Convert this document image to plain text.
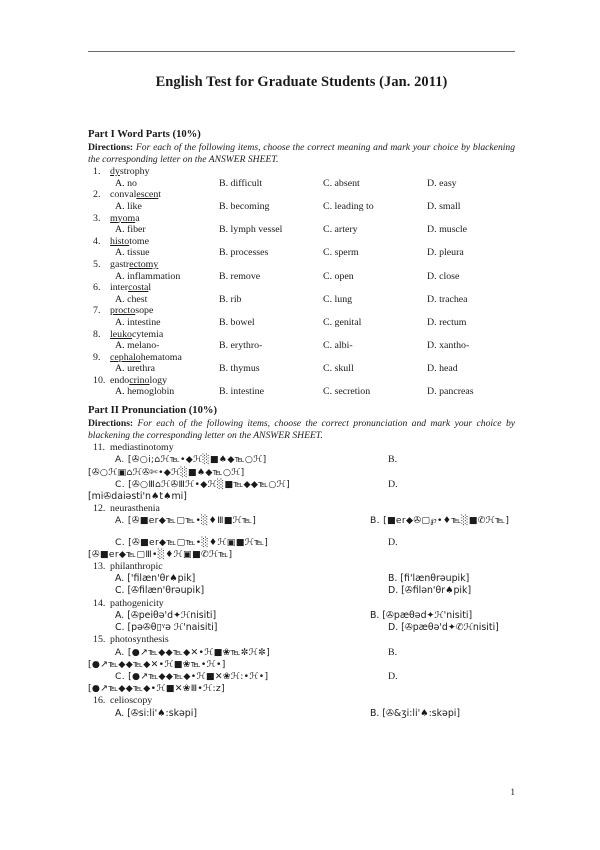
English Test for Graduate Students (Jan. 2011)
Part I Word Parts (10%)
Directions: For each of the following items, choose the correct meaning and mark your choice by blackening the corresponding letter on the ANSWER SHEET.
1. dystrophy
A. no	B. difficult	C. absent	D. easy
2. convalescent
A. like	B. becoming	C. leading to	D. small
3. myoma
A. fiber	B. lymph vessel	C. artery	D. muscle
4. histotome
A. tissue	B. processes	C. sperm	D. pleura
5. gastrectomy
A. inflammation	B. remove	C. open	D. close
6. intercostal
A. chest	B. rib	C. lung	D. trachea
7. proctosope
A. intestine	B. bowel	C. genital	D. rectum
8. leukocytemia
A. melano-	B. erythro-	C. albi-	D. xantho-
9. cephalohematoma
A. urethra	B. thymus	C. skull	D. head
10. endocrinology
A. hemoglobin	B. intestine	C. secretion	D. pancreas
Part II Pronunciation (10%)
Directions: For each of the following items, choose the correct pronunciation and mark your choice by blackening the corresponding letter on the ANSWER SHEET.
11. mediastinotomy
A. [✇○i;⌂ℋ℡•◆ℋ░■♠◆℡○ℋ]	B.
[✇○ℋ▣⌂ℋ✇✄•◆ℋ░■♠◆℡○ℋ]
C. [✇○Ⅲ⌂ℋ✇Ⅲℋ•◆ℋ░■℡◆◆℡○ℋ]	D.
[mi✇daiəsti'n♠t♠mi]
12. neurasthenia
A. [✇■er◆℡▢℡•░♦Ⅲ■ℋ℡]	B. [■er◆✇▢℘•♦℡░■✆ℋ℡]
C. [✇■er◆℡▢℡•░♦ℋ▣■ℋ℡]	D.
[✇■er◆℡▢Ⅲ•░♦ℋ▣■✆ℋ℡]
13. philanthropic
A. ['filæn'θr♠pik]	B. [fi'lænθrəupik]
C. [✇filæn'θrəupik]	D. [✇filən'θr♠pik]
14. pathogenicity
A. [✇peiθə'd✦ℋnisiti]	B. [✇pæθəd✦ℋ'nisiti]
C. [pə✇θ▯ᵞə ℋ'naisiti]	D. [✇pæθə'd✦✆ℋnisiti]
15. photosynthesis
A. [●↗℡◆◆℡◆✕•ℋ■❀℡✼ℋ✼]	B.
[●↗℡◆◆℡◆✕•ℋ■❀℡•ℋ•]
C. [●↗℡◆◆℡◆•ℋ■✕❀ℋ:•ℋ•]	D.
[●↗℡◆◆℡◆•ℋ■✕❀Ⅲ•ℋ:z]
16. celioscopy
A. [✇si:li'♠:skəpi]	B. [✇&ʒi:li'♠:skəpi]
1
